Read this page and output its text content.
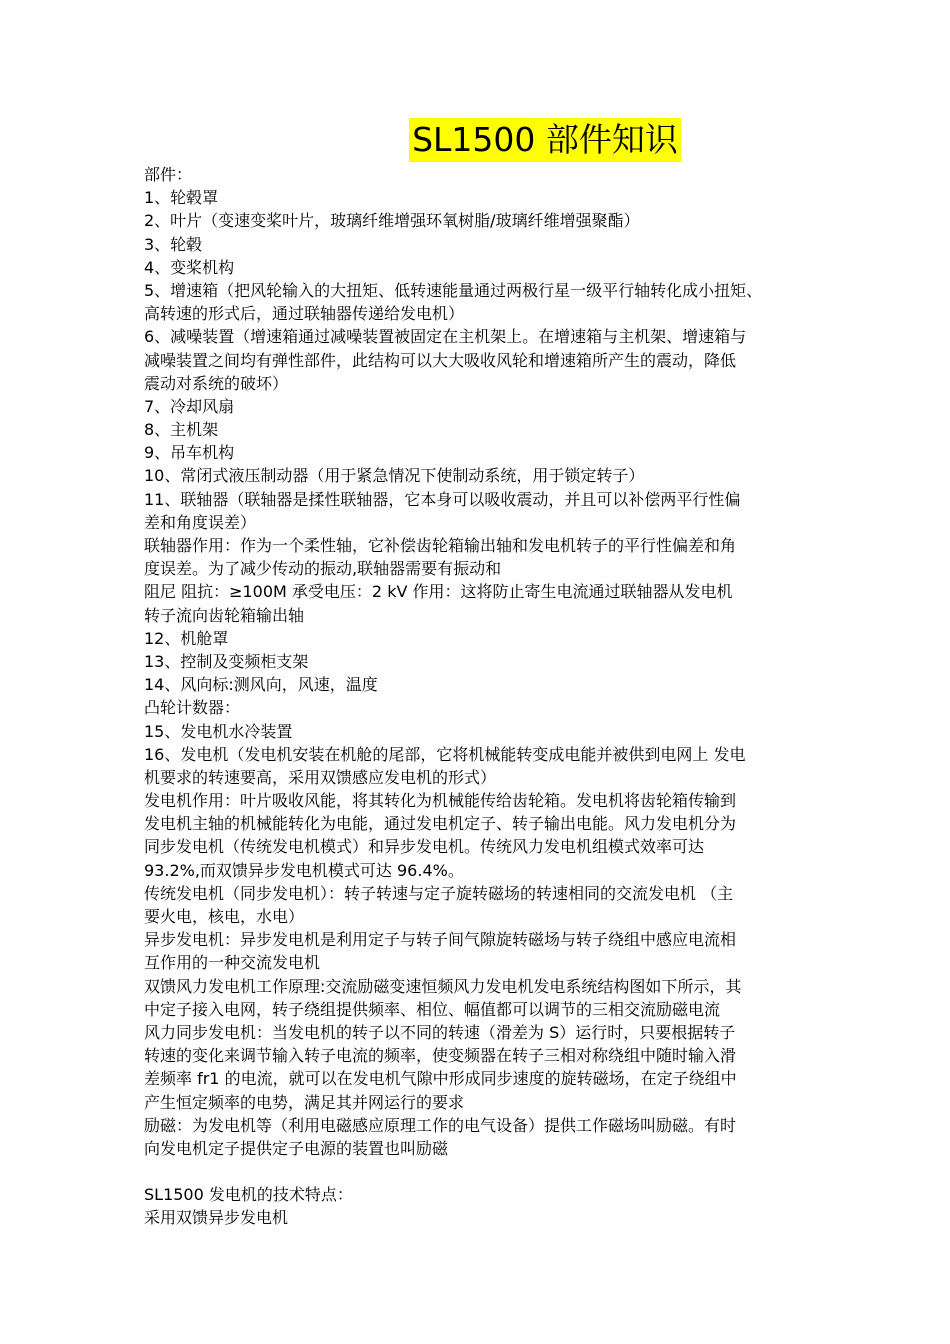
SL1500 部件知识
部件：
1、轮毂罩
2、叶片（变速变桨叶片，玻璃纤维增强环氧树脂/玻璃纤维增强聚酯）
3、轮毂
4、变桨机构
5、增速箱（把风轮输入的大扭矩、低转速能量通过两极行星一级平行轴转化成小扭矩、
高转速的形式后，通过联轴器传递给发电机）
6、减噪装置（增速箱通过减噪装置被固定在主机架上。在增速箱与主机架、增速箱与
减噪装置之间均有弹性部件，此结构可以大大吸收风轮和增速箱所产生的震动，降低
震动对系统的破坏）
7、冷却风扇
8、主机架
9、吊车机构
10、常闭式液压制动器（用于紧急情况下使制动系统，用于锁定转子）
11、联轴器（联轴器是揉性联轴器，它本身可以吸收震动，并且可以补偿两平行性偏
差和角度误差）
联轴器作用：作为一个柔性轴，它补偿齿轮箱输出轴和发电机转子的平行性偏差和角
度误差。为了减少传动的振动,联轴器需要有振动和
阻尼 阻抗：≥100M 承受电压：2 kV 作用：这将防止寄生电流通过联轴器从发电机
转子流向齿轮箱输出轴
12、机舱罩
13、控制及变频柜支架
14、风向标:测风向，风速，温度
凸轮计数器：
15、发电机水冷装置
16、发电机（发电机安装在机舱的尾部，它将机械能转变成电能并被供到电网上 发电
机要求的转速要高，采用双馈感应发电机的形式）
发电机作用：叶片吸收风能，将其转化为机械能传给齿轮箱。发电机将齿轮箱传输到
发电机主轴的机械能转化为电能，通过发电机定子、转子输出电能。风力发电机分为
同步发电机（传统发电机模式）和异步发电机。传统风力发电机组模式效率可达
93.2%,而双馈异步发电机模式可达 96.4%。
传统发电机（同步发电机）：转子转速与定子旋转磁场的转速相同的交流发电机 （主
要火电，核电，水电）
异步发电机：异步发电机是利用定子与转子间气隙旋转磁场与转子绕组中感应电流相
互作用的一种交流发电机
双馈风力发电机工作原理:交流励磁变速恒频风力发电机发电系统结构图如下所示，其
中定子接入电网，转子绕组提供频率、相位、幅值都可以调节的三相交流励磁电流
风力同步发电机：当发电机的转子以不同的转速（滑差为 S）运行时，只要根据转子
转速的变化来调节输入转子电流的频率，使变频器在转子三相对称绕组中随时输入滑
差频率 fr1 的电流，就可以在发电机气隙中形成同步速度的旋转磁场，在定子绕组中
产生恒定频率的电势，满足其并网运行的要求
励磁：为发电机等（利用电磁感应原理工作的电气设备）提供工作磁场叫励磁。有时
向发电机定子提供定子电源的装置也叫励磁
SL1500 发电机的技术特点：
采用双馈异步发电机
